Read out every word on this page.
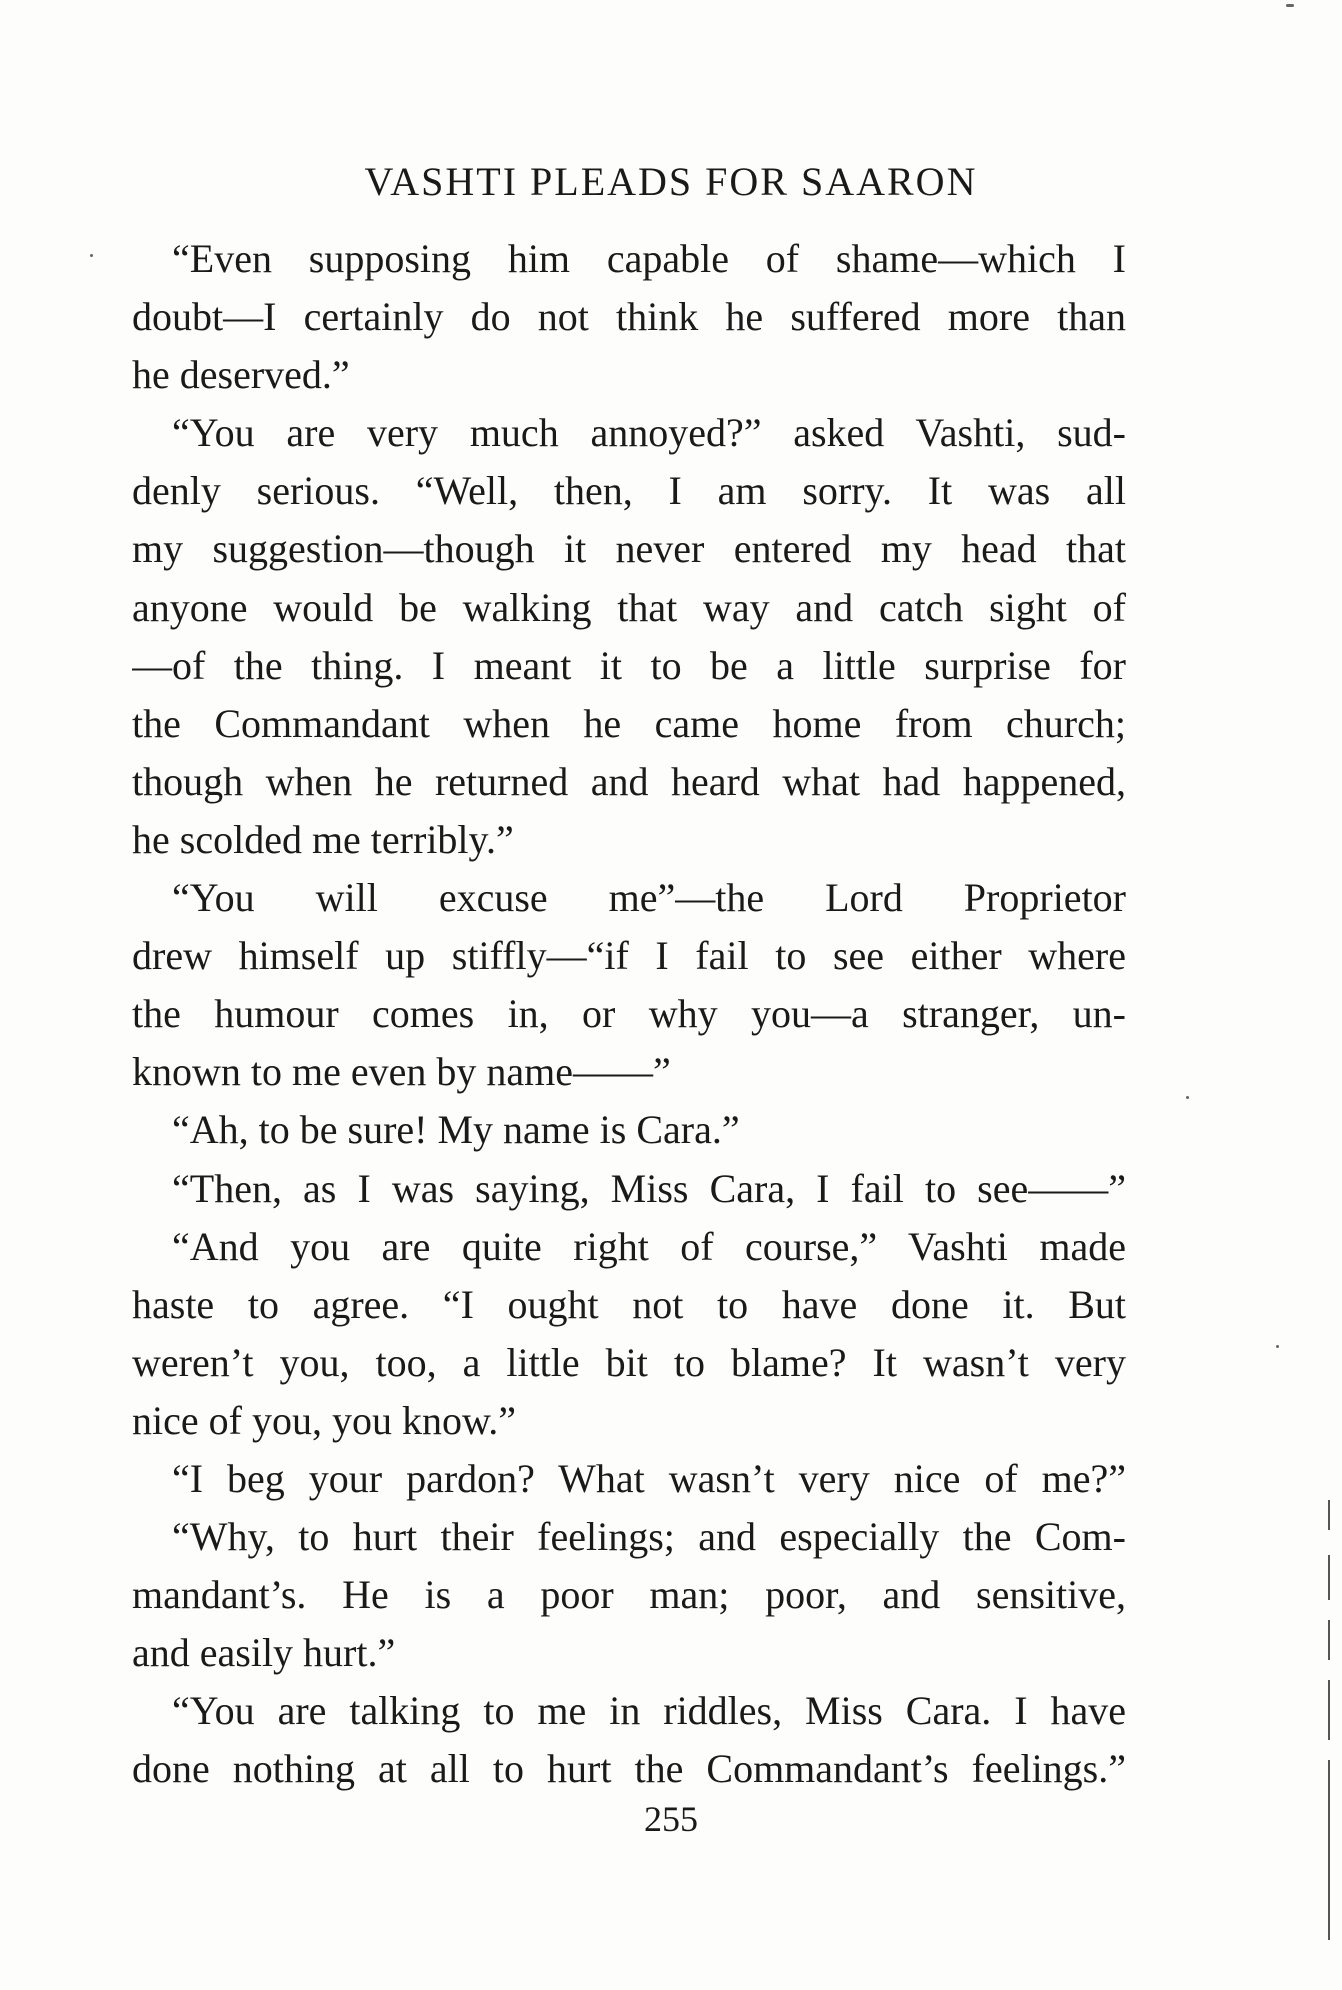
VASHTI PLEADS FOR SAARON
“Even supposing him capable of shame—which I
doubt—I certainly do not think he suffered more than
he deserved.”
“You are very much annoyed?” asked Vashti, sud-
denly serious. “Well, then, I am sorry. It was all
my suggestion—though it never entered my head that
anyone would be walking that way and catch sight of
—of the thing. I meant it to be a little surprise for
the Commandant when he came home from church;
though when he returned and heard what had happened,
he scolded me terribly.”
“You will excuse me”—the Lord Proprietor
drew himself up stiffly—“if I fail to see either where
the humour comes in, or why you—a stranger, un-
known to me even by name——”
“Ah, to be sure! My name is Cara.”
“Then, as I was saying, Miss Cara, I fail to see——”
“And you are quite right of course,” Vashti made
haste to agree. “I ought not to have done it. But
weren’t you, too, a little bit to blame? It wasn’t very
nice of you, you know.”
“I beg your pardon? What wasn’t very nice of me?”
“Why, to hurt their feelings; and especially the Com-
mandant’s. He is a poor man; poor, and sensitive,
and easily hurt.”
“You are talking to me in riddles, Miss Cara. I have
done nothing at all to hurt the Commandant’s feelings.”
255
